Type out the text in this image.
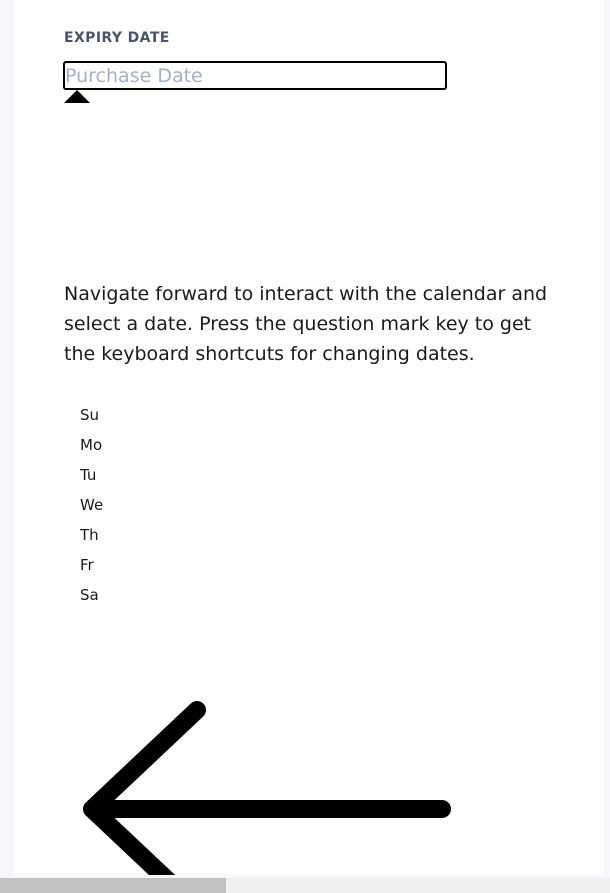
EXPIRY DATE
Purchase Date

Navigate forward to interact with the calendar and select a date. Press the question mark key to get the keyboard shortcuts for changing dates.

Su
Mo
Tu
We
Th
Fr
Sa
